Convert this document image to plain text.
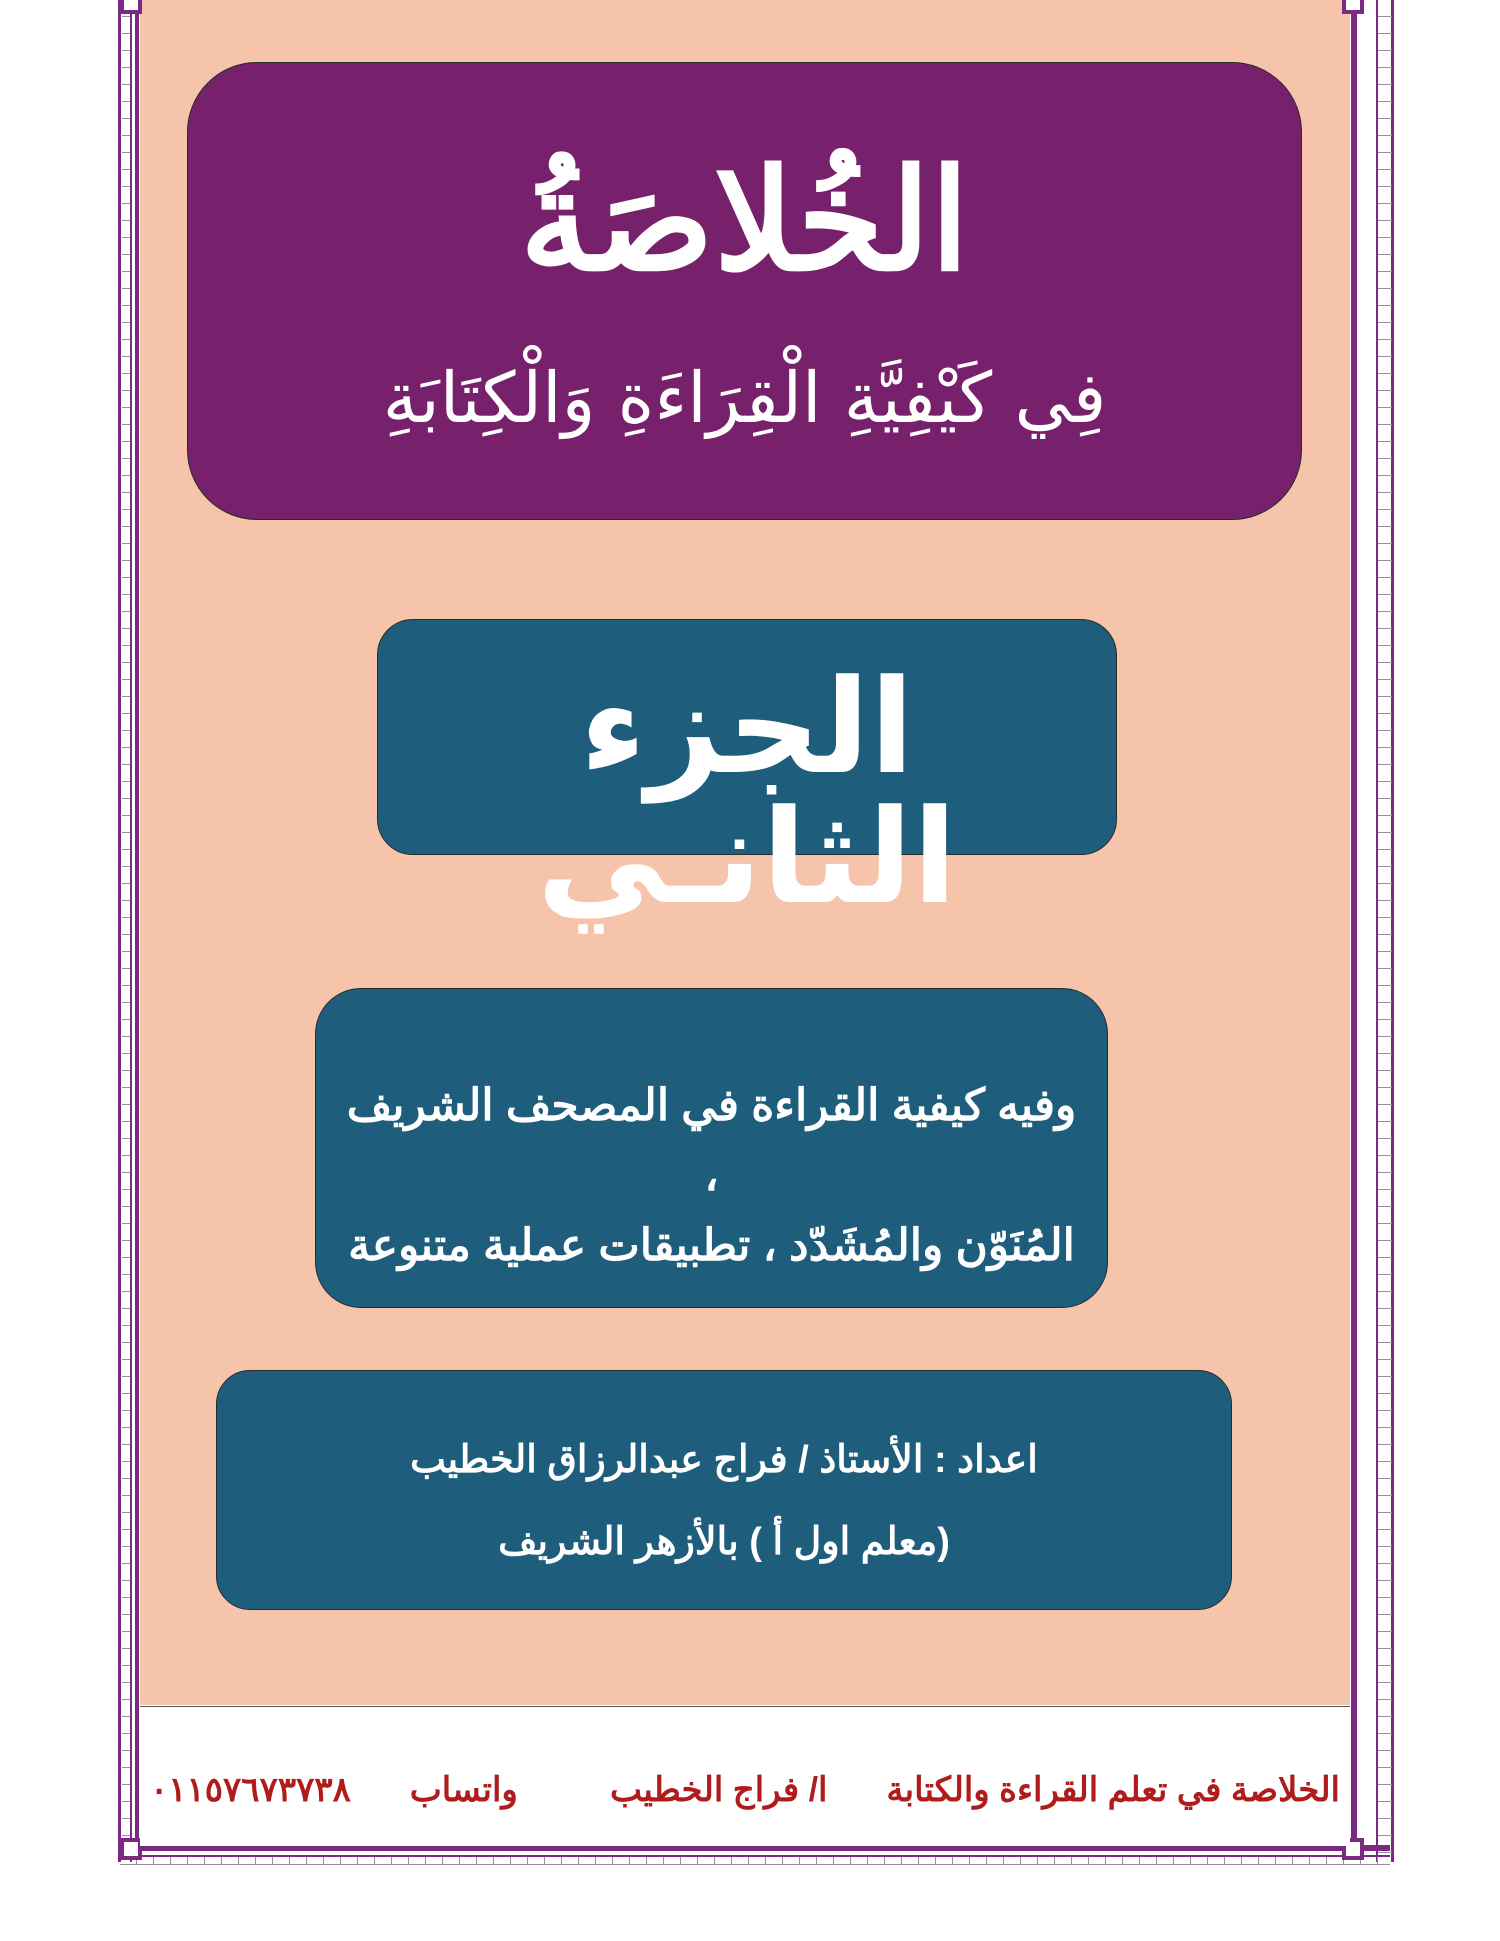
الخُلاصَةُ
فِي كَيْفِيَّةِ الْقِرَاءَةِ وَالْكِتَابَةِ
الجزء الثانـي
وفيه كيفية القراءة في المصحف الشريف ،
المُنَوّن والمُشَدّد ، تطبيقات عملية متنوعة
اعداد : الأستاذ / فراج عبدالرزاق الخطيب
(معلم اول أ ) بالأزهر الشريف
الخلاصة في تعلم القراءة والكتابة  ا/ فراج الخطيب
واتساب  ٠١١٥٧٦٧٣٧٣٨
